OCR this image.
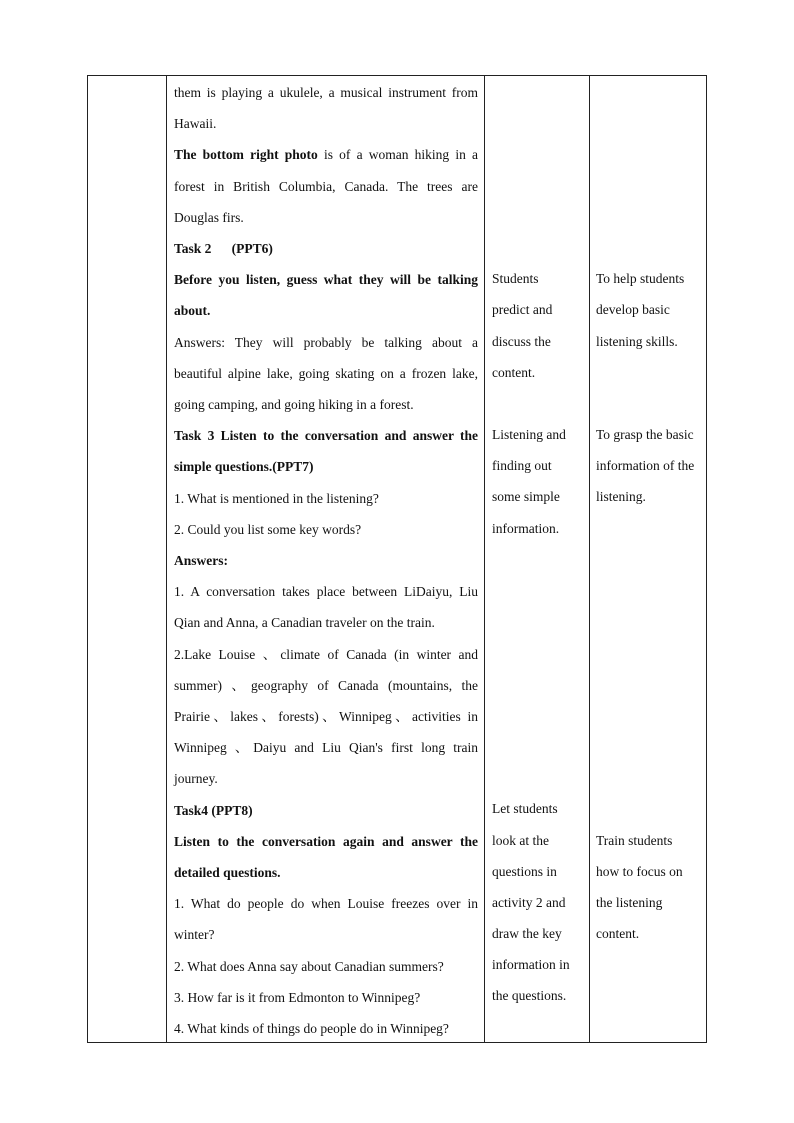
them is playing a ukulele, a musical instrument from Hawaii.

The bottom right photo is of a woman hiking in a forest in British Columbia, Canada. The trees are Douglas firs.

Task 2      (PPT6)

Before you listen, guess what they will be talking about.

Answers: They will probably be talking about a beautiful alpine lake, going skating on a frozen lake, going camping, and going hiking in a forest.

Task 3 Listen to the conversation and answer the simple questions.(PPT7)

1. What is mentioned in the listening?

2. Could you list some key words?

Answers:

1. A conversation takes place between LiDaiyu, Liu Qian and Anna, a Canadian traveler on the train.

2.Lake Louise 、climate of Canada (in winter and summer) 、geography of Canada (mountains, the Prairie、lakes、forests)、Winnipeg、activities in Winnipeg 、Daiyu and Liu Qian's first long train journey.

Task4 (PPT8)

Listen to the conversation again and answer the detailed questions.

1. What do people do when Louise freezes over in winter?

2. What does Anna say about Canadian summers?

3. How far is it from Edmonton to Winnipeg?

4. What kinds of things do people do in Winnipeg?

Students
predict and
discuss the
content.
Listening and
finding out
some simple
information.
Let students
look at the
questions in
activity 2 and
draw the key
information in
the questions.
To help students
develop basic
listening skills.
To grasp the basic
information of the
listening.
Train students
how to focus on
the listening
content.
